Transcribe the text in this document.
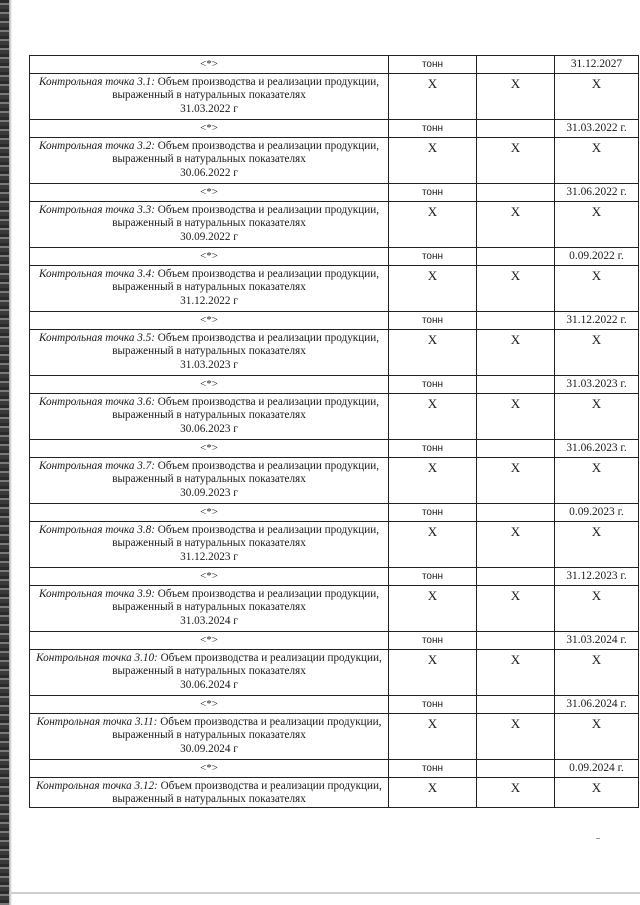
<*>	тонн		31.12.2027

Контрольная точка 3.1: Объем производства и реализации продукции, выраженный в натуральных показателях
31.03.2022 г	X	X	X

<*>	тонн		31.03.2022 г.

Контрольная точка 3.2: Объем производства и реализации продукции, выраженный в натуральных показателях
30.06.2022 г	X	X	X

<*>	тонн		31.06.2022 г.

Контрольная точка 3.3: Объем производства и реализации продукции, выраженный в натуральных показателях
30.09.2022 г	X	X	X

<*>	тонн		0.09.2022 г.

Контрольная точка 3.4: Объем производства и реализации продукции, выраженный в натуральных показателях
31.12.2022 г	X	X	X

<*>	тонн		31.12.2022 г.

Контрольная точка 3.5: Объем производства и реализации продукции, выраженный в натуральных показателях
31.03.2023 г	X	X	X

<*>	тонн		31.03.2023 г.

Контрольная точка 3.6: Объем производства и реализации продукции, выраженный в натуральных показателях
30.06.2023 г	X	X	X

<*>	тонн		31.06.2023 г.

Контрольная точка 3.7: Объем производства и реализации продукции, выраженный в натуральных показателях
30.09.2023 г	X	X	X

<*>	тонн		0.09.2023 г.

Контрольная точка 3.8: Объем производства и реализации продукции, выраженный в натуральных показателях
31.12.2023 г	X	X	X

<*>	тонн		31.12.2023 г.

Контрольная точка 3.9: Объем производства и реализации продукции, выраженный в натуральных показателях
31.03.2024 г	X	X	X

<*>	тонн		31.03.2024 г.

Контрольная точка 3.10: Объем производства и реализации продукции, выраженный в натуральных показателях
30.06.2024 г	X	X	X

<*>	тонн		31.06.2024 г.

Контрольная точка 3.11: Объем производства и реализации продукции, выраженный в натуральных показателях
30.09.2024 г	X	X	X

<*>	тонн		0.09.2024 г.

Контрольная точка 3.12: Объем производства и реализации продукции, выраженный в натуральных показателях	X	X	X
